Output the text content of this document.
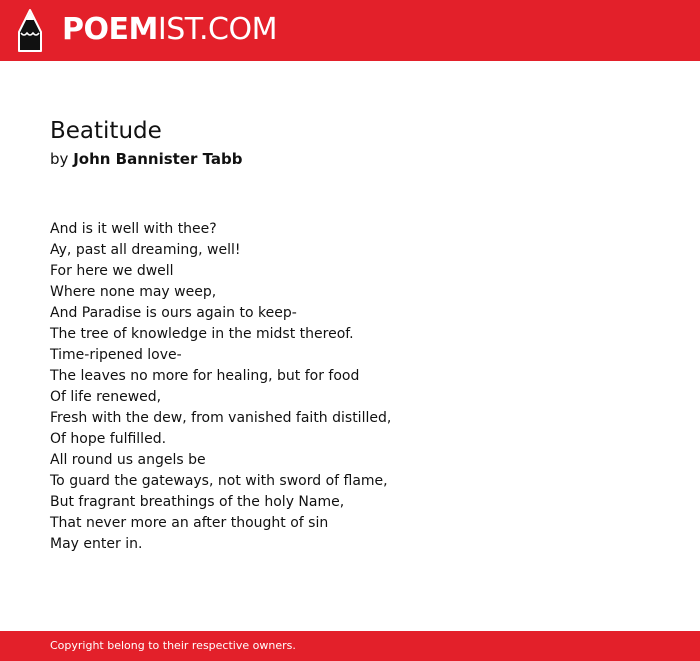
POEMIST.COM
Beatitude
by John Bannister Tabb
And is it well with thee?
Ay, past all dreaming, well!
For here we dwell
Where none may weep,
And Paradise is ours again to keep-
The tree of knowledge in the midst thereof.
Time-ripened love-
The leaves no more for healing, but for food
Of life renewed,
Fresh with the dew, from vanished faith distilled,
Of hope fulfilled.
All round us angels be
To guard the gateways, not with sword of flame,
But fragrant breathings of the holy Name,
That never more an after thought of sin
May enter in.
Copyright belong to their respective owners.
